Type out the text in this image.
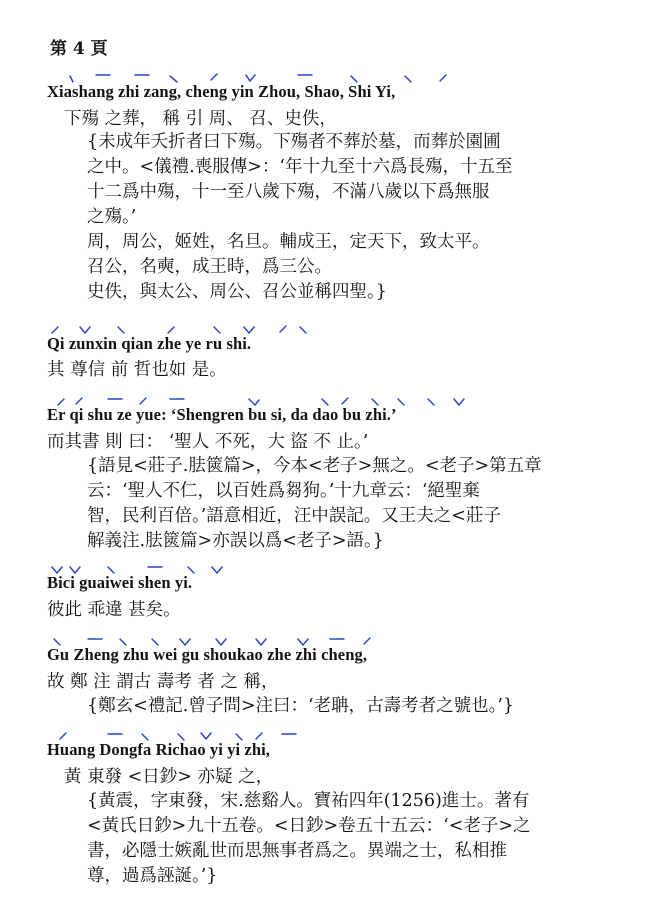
第 4 頁
Xiashang zhi zang, cheng yin Zhou, Shao, Shi Yi,
下殤 之葬， 稱 引 周、 召、史佚，
{未成年夭折者曰下殤。下殤者不葬於墓，而葬於園圃
之中。<儀禮.喪服傳>：‘年十九至十六爲長殤，十五至
十二爲中殤，十一至八歲下殤，不滿八歲以下爲無服
之殤。’
周，周公，姬姓，名旦。輔成王，定天下，致太平。
召公，名奭，成王時，爲三公。
史佚，與太公、周公、召公並稱四聖。}
Qi zunxin qian zhe ye ru shi.
其 尊信 前 哲也如 是。
Er qi shu ze yue: ‘Shengren bu si, da dao bu zhi.’
而其書 則 曰： ‘聖人 不死，大 盜 不 止。’
{語見<莊子.胠篋篇>，今本<老子>無之。<老子>第五章
云：‘聖人不仁，以百姓爲芻狗。’十九章云：‘絕聖棄
智，民利百倍。’語意相近，汪中誤記。又王夫之<莊子
解義注.胠篋篇>亦誤以爲<老子>語。}
Bici guaiwei shen yi.
彼此 乖違 甚矣。
Gu Zheng zhu wei gu shoukao zhe zhi cheng,
故 鄭 注 謂古 壽考 者 之 稱，
{鄭玄<禮記.曾子問>注曰：‘老聃，古壽考者之號也。’}
Huang Dongfa Richao yi yi zhi,
黃 東發 <日鈔> 亦疑 之，
{黃震，字東發，宋.慈谿人。寶祐四年(1256)進士。著有
<黃氏日鈔>九十五卷。<日鈔>卷五十五云：‘<老子>之
書，必隱士嫉亂世而思無事者爲之。異端之士，私相推
尊，過爲誣誕。’}
